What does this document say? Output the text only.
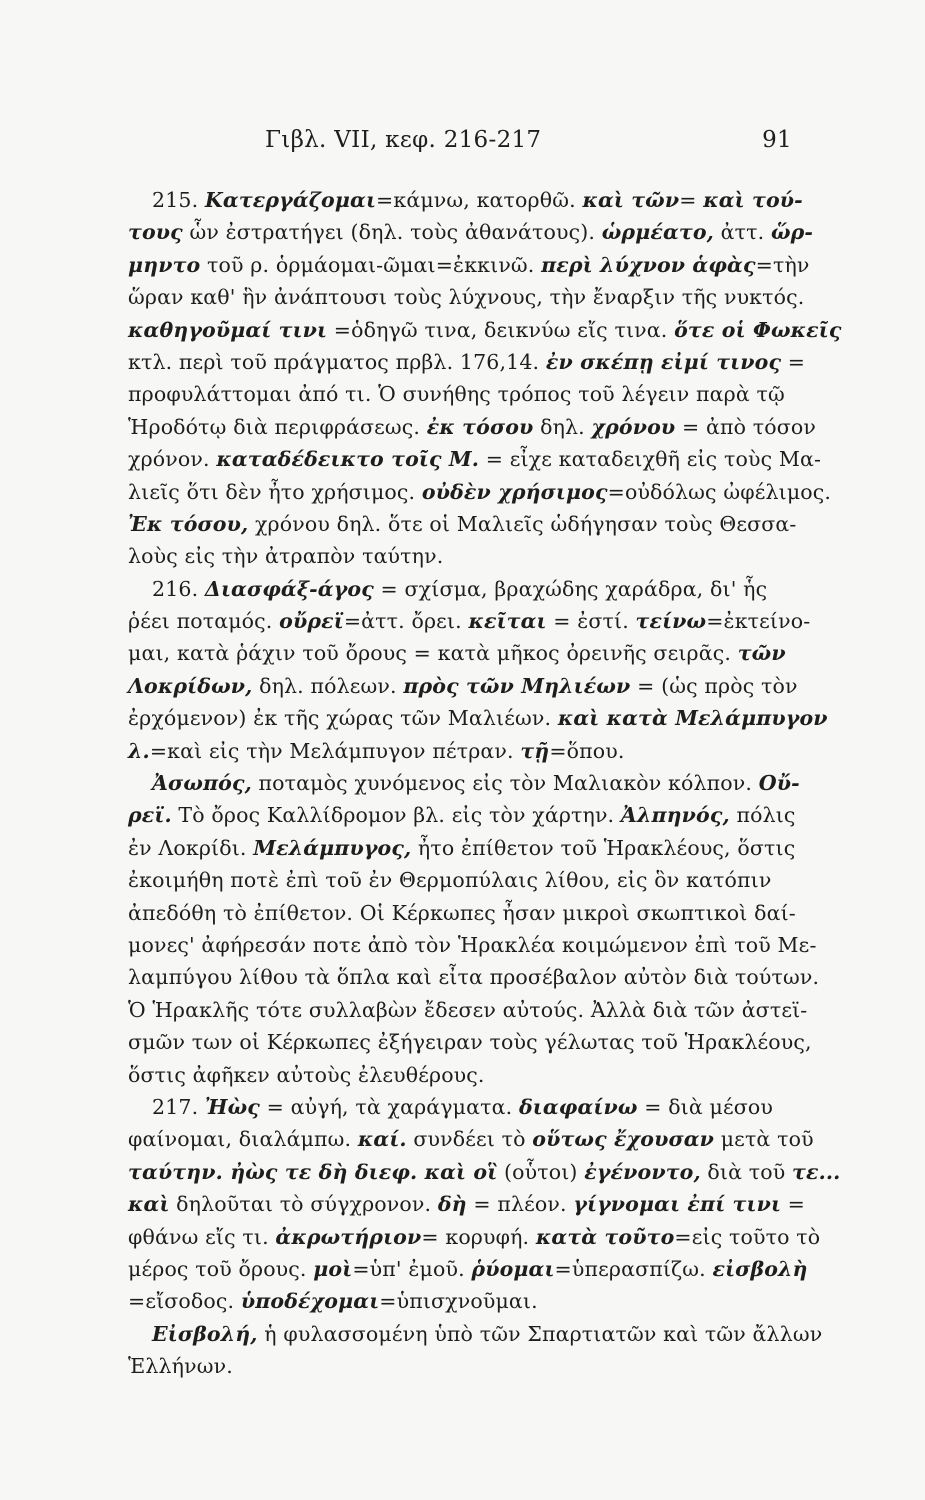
Γιβλ. VII, κεφ. 216-217	91
215. Κατεργάζομαι=κάμνω, κατορθῶ. καὶ τῶν= καὶ τού-
τους ὧν ἐστρατήγει (δηλ. τοὺς ἀθανάτους). ὡρμέατο, ἀττ. ὥρ-
μηντο τοῦ ρ. ὁρμάομαι-ῶμαι=ἐκκινῶ. περὶ λύχνον ἁφὰς=τὴν
ὥραν καθ' ἣν ἀνάπτουσι τοὺς λύχνους, τὴν ἔναρξιν τῆς νυκτός.
καθηγοῦμαί τινι =ὁδηγῶ τινα, δεικνύω εἴς τινα. ὅτε οἱ Φωκεῖς
κτλ. περὶ τοῦ πράγματος πρβλ. 176,14. ἐν σκέπῃ εἰμί τινος =
προφυλάττομαι ἀπό τι. Ὁ συνήθης τρόπος τοῦ λέγειν παρὰ τῷ
Ἡροδότῳ διὰ περιφράσεως. ἐκ τόσου δηλ. χρόνου = ἀπὸ τόσον
χρόνον. καταδέδεικτο τοῖς Μ. = εἶχε καταδειχθῆ εἰς τοὺς Μα-
λιεῖς ὅτι δὲν ἦτο χρήσιμος. οὐδὲν χρήσιμος=οὐδόλως ὠφέλιμος.
Ἐκ τόσου, χρόνου δηλ. ὅτε οἱ Μαλιεῖς ὡδήγησαν τοὺς Θεσσα-
λοὺς εἰς τὴν ἀτραπὸν ταύτην.
216. Διασφάξ-άγος = σχίσμα, βραχώδης χαράδρα, δι' ἧς
ῥέει ποταμός. οὔρεϊ=ἀττ. ὄρει. κεῖται = ἐστί. τείνω=ἐκτείνο-
μαι, κατὰ ῥάχιν τοῦ ὄρους = κατὰ μῆκος ὀρεινῆς σειρᾶς. τῶν
Λοκρίδων, δηλ. πόλεων. πρὸς τῶν Μηλιέων = (ὡς πρὸς τὸν
ἐρχόμενον) ἐκ τῆς χώρας τῶν Μαλιέων. καὶ κατὰ Μελάμπυγον
λ.=καὶ εἰς τὴν Μελάμπυγον πέτραν. τῇ=ὅπου.
Ἀσωπός, ποταμὸς χυνόμενος εἰς τὸν Μαλιακὸν κόλπον. Οὔ-
ρεϊ. Τὸ ὄρος Καλλίδρομον βλ. εἰς τὸν χάρτην. Ἀλπηνός, πόλις
ἐν Λοκρίδι. Μελάμπυγος, ἦτο ἐπίθετον τοῦ Ἡρακλέους, ὅστις
ἐκοιμήθη ποτὲ ἐπὶ τοῦ ἐν Θερμοπύλαις λίθου, εἰς ὃν κατόπιν
ἀπεδόθη τὸ ἐπίθετον. Οἱ Κέρκωπες ἦσαν μικροὶ σκωπτικοὶ δαί-
μονες' ἀφήρεσάν ποτε ἀπὸ τὸν Ἡρακλέα κοιμώμενον ἐπὶ τοῦ Με-
λαμπύγου λίθου τὰ ὅπλα καὶ εἶτα προσέβαλον αὐτὸν διὰ τούτων.
Ὁ Ἡρακλῆς τότε συλλαβὼν ἔδεσεν αὐτούς. Ἀλλὰ διὰ τῶν ἀστεϊ-
σμῶν των οἱ Κέρκωπες ἐξήγειραν τοὺς γέλωτας τοῦ Ἡρακλέους,
ὅστις ἀφῆκεν αὐτοὺς ἐλευθέρους.
217. Ἠὼς = αὐγή, τὰ χαράγματα. διαφαίνω = διὰ μέσου
φαίνομαι, διαλάμπω. καί. συνδέει τὸ οὕτως ἔχουσαν μετὰ τοῦ
ταύτην. ἠὼς τε δὴ διεφ. καὶ οἳ (οὗτοι) ἐγένοντο, διὰ τοῦ τε...
καὶ δηλοῦται τὸ σύγχρονον. δὴ = πλέον. γίγνομαι ἐπί τινι =
φθάνω εἴς τι. ἀκρωτήριον= κορυφή. κατὰ τοῦτο=εἰς τοῦτο τὸ
μέρος τοῦ ὄρους. μοὶ=ὑπ' ἐμοῦ. ῥύομαι=ὑπερασπίζω. εἰσβολὴ
=εἴσοδος. ὑποδέχομαι=ὑπισχνοῦμαι.
Εἰσβολή, ἡ φυλασσομένη ὑπὸ τῶν Σπαρτιατῶν καὶ τῶν ἄλλων
Ἑλλήνων.
